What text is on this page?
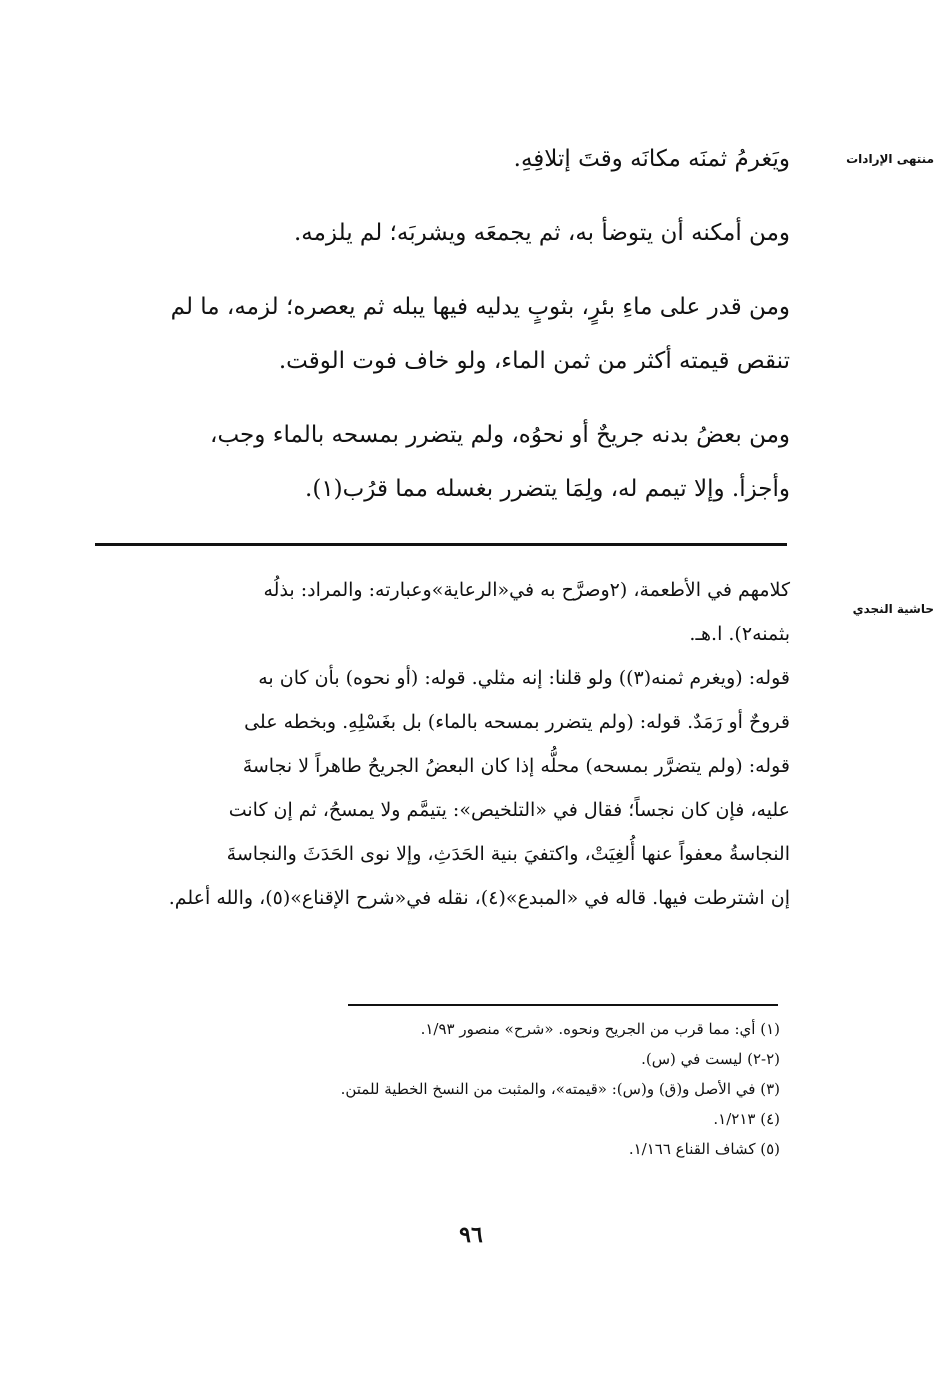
منتهى الإرادات

ويَغرمُ ثمنَه مكانَه وقتَ إتلافِهِ.

ومن أمكنه أن يتوضأ به، ثم يجمعَه ويشربَه؛ لم يلزمه.

ومن قدر على ماءِ بئرٍ، بثوبٍ يدليه فيها يبله ثم يعصره؛ لزمه، ما لم

تنقص قيمته أكثر من ثمن الماء، ولو خاف فوت الوقت.

ومن بعضُ بدنه جريحٌ أو نحوُه، ولم يتضرر بمسحه بالماء وجب،

وأجزأ. وإلا تيمم له، ولِمَا يتضرر بغسله مما قرُب(١).

حاشية النجدي

كلامهم في الأطعمة، (٢وصرَّح به في«الرعاية»وعبارته: والمراد: بذلُه

بثمنه٢). ا.هـ.

قوله: (ويغرم ثمنه(٣)) ولو قلنا: إنه مثلي. قوله: (أو نحوه) بأن كان به

قروحٌ أو رَمَدٌ. قوله: (ولم يتضرر بمسحه بالماء) بل بغَسْلِهِ. وبخطه على

قوله: (ولم يتضرَّر بمسحه) محلُّه إذا كان البعضُ الجريحُ طاهراً لا نجاسةَ

عليه، فإن كان نجساً؛ فقال في «التلخيص»: يتيمَّم ولا يمسحُ، ثم إن كانت

النجاسةُ معفواً عنها أُلغِيَتْ، واكتفيَ بنية الحَدَثِ، وإلا نوى الحَدَثَ والنجاسةَ

إن اشترطت فيها. قاله في «المبدع»(٤)، نقله في«شرح الإقناع»(٥)، والله أعلم.

(١) أي: مما قرب من الجريح ونحوه. «شرح» منصور ١/٩٣.
(٢-٢) ليست في (س).
(٣) في الأصل و(ق) و(س): «قيمته»، والمثبت من النسخ الخطية للمتن.
(٤) ١/٢١٣.
(٥) كشاف القناع ١/١٦٦.
٩٦
